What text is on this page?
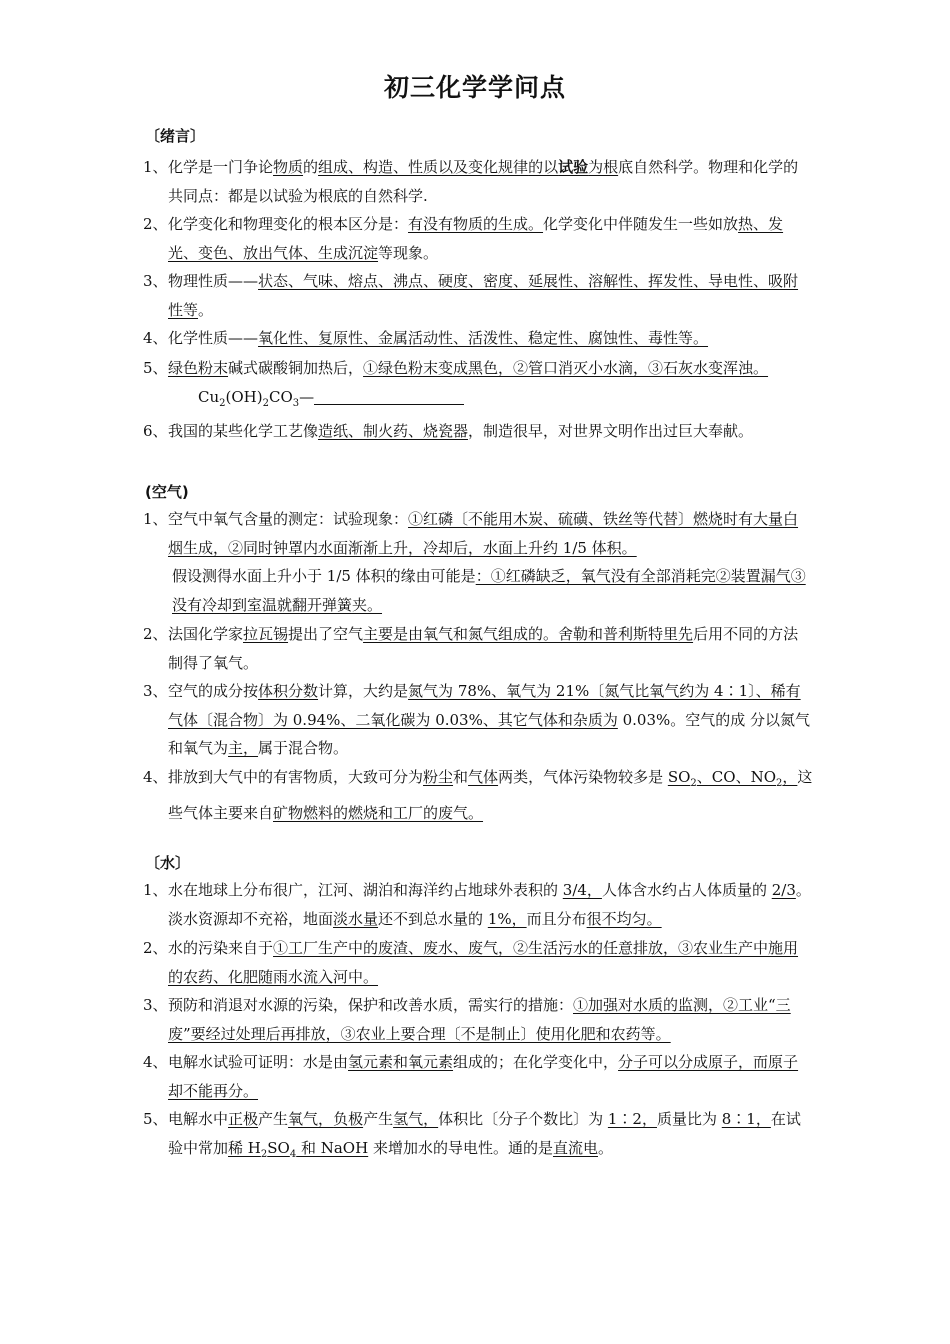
初三化学学问点
〔绪言〕
1、 化学是一门争论物质的组成、构造、性质以及变化规律的以试验为根底自然科学。物理和化学的共同点：都是以试验为根底的自然科学.
2、 化学变化和物理变化的根本区分是：有没有物质的生成。化学变化中伴随发生一些如放热、发光、变色、放出气体、生成沉淀等现象。
3、 物理性质——状态、气味、熔点、沸点、硬度、密度、延展性、溶解性、挥发性、导电性、吸附性等。
4、 化学性质——氧化性、复原性、金属活动性、活泼性、稳定性、腐蚀性、毒性等。
5、 绿色粉末碱式碳酸铜加热后，①绿色粉末变成黑色，②管口消灭小水滴，③石灰水变浑浊。 $Cu_2(OH)_2CO_3—$
6、 我国的某些化学工艺像造纸、制火药、烧瓷器，制造很早，对世界文明作出过巨大奉献。
(空气)
1、 空气中氧气含量的测定：试验现象：①红磷〔不能用木炭、硫磺、铁丝等代替〕燃烧时有大量白烟生成，②同时钟罩内水面渐渐上升，冷却后，水面上升约 1/5 体积。
假设测得水面上升小于 1/5 体积的缘由可能是：①红磷缺乏，氧气没有全部消耗完②装置漏气③没有冷却到室温就翻开弹簧夹。
2、 法国化学家拉瓦锡提出了空气主要是由氧气和氮气组成的。舍勒和普利斯特里先后用不同的方法制得了氧气。
3、 空气的成分按体积分数计算，大约是氮气为 78%、氧气为 21%〔氮气比氧气约为 4∶1〕、稀有气体〔混合物〕为 0.94%、二氧化碳为 0.03%、其它气体和杂质为 0.03%。空气的成 分以氮气和氧气为主，属于混合物。
4、 排放到大气中的有害物质，大致可分为粉尘和气体两类，气体污染物较多是 $SO_2$、CO、$NO_2$，这些气体主要来自矿物燃料的燃烧和工厂的废气。
〔水〕
1、 水在地球上分布很广，江河、湖泊和海洋约占地球外表积的 3/4，人体含水约占人体质量的 2/3。淡水资源却不充裕，地面淡水量还不到总水量的 1%，而且分布很不均匀。
2、 水的污染来自于①工厂生产中的废渣、废水、废气，②生活污水的任意排放，③农业生产中施用的农药、化肥随雨水流入河中。
3、 预防和消退对水源的污染，保护和改善水质，需实行的措施：①加强对水质的监测，②工业“三废”要经过处理后再排放，③农业上要合理〔不是制止〕使用化肥和农药等。
4、 电解水试验可证明：水是由氢元素和氧元素组成的；在化学变化中，分子可以分成原子，而原子却不能再分。
5、 电解水中正极产生氧气，负极产生氢气，体积比〔分子个数比〕为 1∶2，质量比为 8∶1，在试验中常加稀 $H_2SO_4$ 和 NaOH 来增加水的导电性。通的是直流电。
